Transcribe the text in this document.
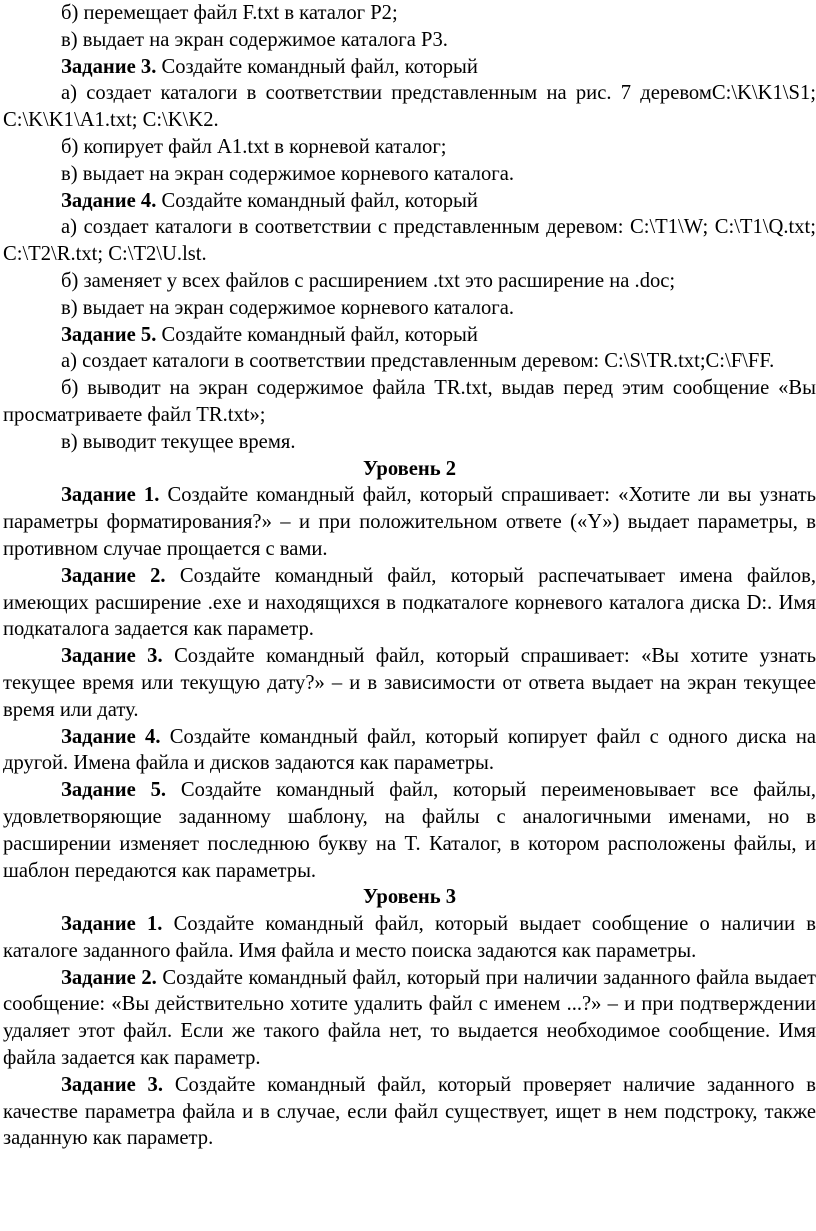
б) перемещает файл F.txt в каталог P2;

в) выдает на экран содержимое каталога P3.

Задание 3. Создайте командный файл, который

а) создает каталоги в соответствии представленным на рис. 7 деревомC:\K\K1\S1; C:\K\K1\A1.txt; C:\K\K2.

б) копирует файл A1.txt в корневой каталог;

в) выдает на экран содержимое корневого каталога.

Задание 4. Создайте командный файл, который

а) создает каталоги в соответствии с представленным деревом: C:\T1\W; C:\T1\Q.txt; C:\T2\R.txt; C:\T2\U.lst.

б) заменяет у всех файлов с расширением .txt это расширение на .doc;

в) выдает на экран содержимое корневого каталога.

Задание 5. Создайте командный файл, который

а) создает каталоги в соответствии представленным деревом: C:\S\TR.txt;C:\F\FF.

б) выводит на экран содержимое файла TR.txt, выдав перед этим сообщение «Вы просматриваете файл TR.txt»;

в) выводит текущее время.

Уровень 2

Задание 1. Создайте командный файл, который спрашивает: «Хотите ли вы узнать параметры форматирования?» – и при положительном ответе («Y») выдает параметры, в противном случае прощается с вами.

Задание 2. Создайте командный файл, который распечатывает имена файлов, имеющих расширение .exe и находящихся в подкаталоге корневого каталога диска D:. Имя подкаталога задается как параметр.

Задание 3. Создайте командный файл, который спрашивает: «Вы хотите узнать текущее время или текущую дату?» – и в зависимости от ответа выдает на экран текущее время или дату.

Задание 4. Создайте командный файл, который копирует файл с одного диска на другой. Имена файла и дисков задаются как параметры.

Задание 5. Создайте командный файл, который переименовывает все файлы, удовлетворяющие заданному шаблону, на файлы с аналогичными именами, но в расширении изменяет последнюю букву на T. Каталог, в котором расположены файлы, и шаблон передаются как параметры.

Уровень 3

Задание 1. Создайте командный файл, который выдает сообщение о наличии в каталоге заданного файла. Имя файла и место поиска задаются как параметры.

Задание 2. Создайте командный файл, который при наличии заданного файла выдает сообщение: «Вы действительно хотите удалить файл с именем ...?» – и при подтверждении удаляет этот файл. Если же такого файла нет, то выдается необходимое сообщение. Имя файла задается как параметр.

Задание 3. Создайте командный файл, который проверяет наличие заданного в качестве параметра файла и в случае, если файл существует, ищет в нем подстроку, также заданную как параметр.
